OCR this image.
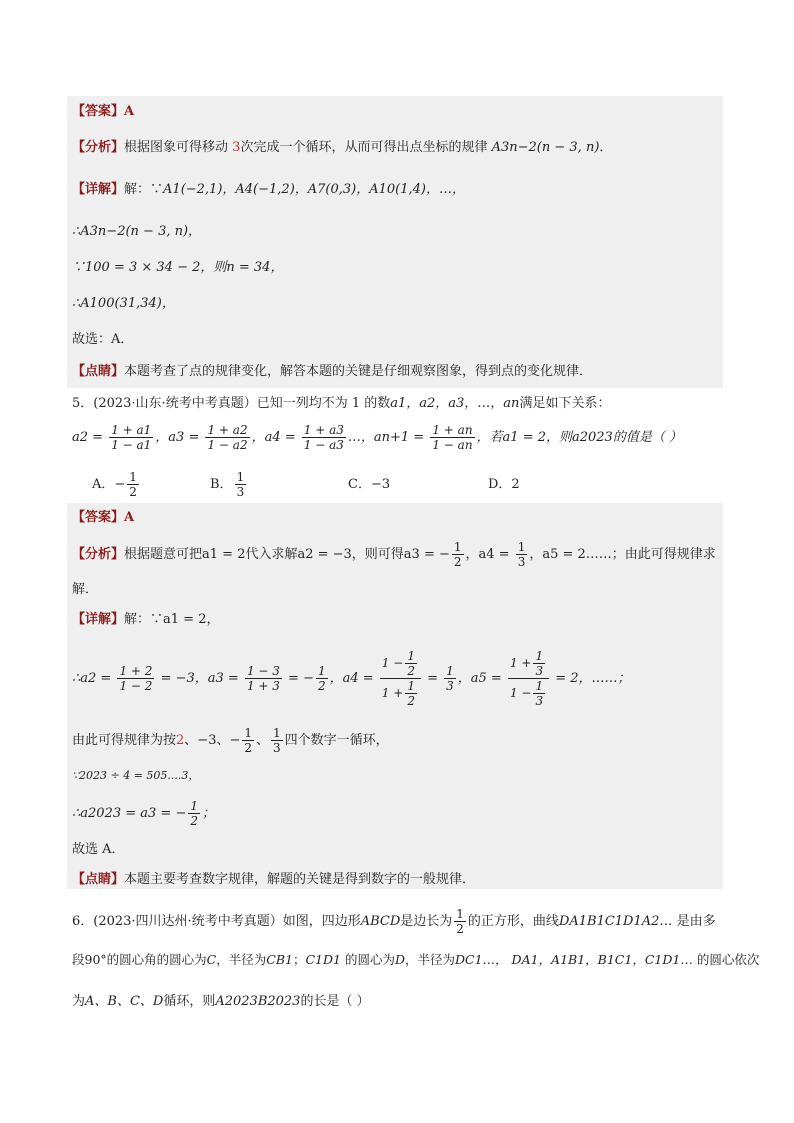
【答案】A
【分析】根据图象可得移动 3次完成一个循环，从而可得出点坐标的规律 A3n−2(n − 3, n)．
【详解】解：∵A1(−2,1)，A4(−1,2)，A7(0,3)，A10(1,4)，…，
∴A3n−2(n − 3, n)，
∵100 = 3 × 34 − 2，则n = 34，
∴A100(31,34)，
故选：A．
【点睛】本题考查了点的规律变化，解答本题的关键是仔细观察图象，得到点的变化规律．
5．(2023·山东·统考中考真题）已知一列均不为 1 的数a1，a2，a3，…，an满足如下关系：
$a2 = \frac{1 + a1}{1 - a1}$ ，$a3 = \frac{1 + a2}{1 - a2}$ ，$a4 = \frac{1 + a3}{1 - a3}$ …，$an+1 = \frac{1 + an}{1 - an}$ ，若a1 = 2，则a2023的值是（ ）
A．− $\frac{1}{2}$	B． $\frac{1}{3}$	C．−3	D．2
【答案】A
【分析】根据题意可把a1 = 2代入求解a2 = −3，则可得a3 = − $\frac{1}{2}$ ，$a4 = \frac{1}{3}$ ，a5 = 2……；由此可得规律求
解．
【详解】解：∵a1 = 2，
∴a2 = $\frac{1 + 2}{1 - 2} = -3$，$a3 = \frac{1 - 3}{1 + 3}$ = − $\frac{1}{2}$ ，$a4 = \frac{1 - \frac{1}{2}}{1 + \frac{1}{2}} = \frac{1}{3}$ ，$a5 = \frac{1 + \frac{1}{3}}{1 - \frac{1}{3}} = 2$，……；
由此可得规律为按2、−3、− $\frac{1}{2}$ 、 $\frac{1}{3}$ 四个数字一循环，
∵2023 ÷ 4 = 505....3，
∴a2023 = a3 = − $\frac{1}{2}$ ；
故选 A．
【点睛】本题主要考查数字规律，解题的关键是得到数字的一般规律．
6．(2023·四川达州·统考中考真题）如图，四边形ABCD是边长为 $\frac{1}{2}$ 的正方形，曲线DA1B1C1D1A2… 是由多
段90°的圆心角的圆心为C，半径为CB1；C1D1 的圆心为D，半径为DC1…， DA1，A1B1，B1C1，C1D1… 的圆心依次
为A、B、C、D循环，则A2023B2023的长是（ ）
